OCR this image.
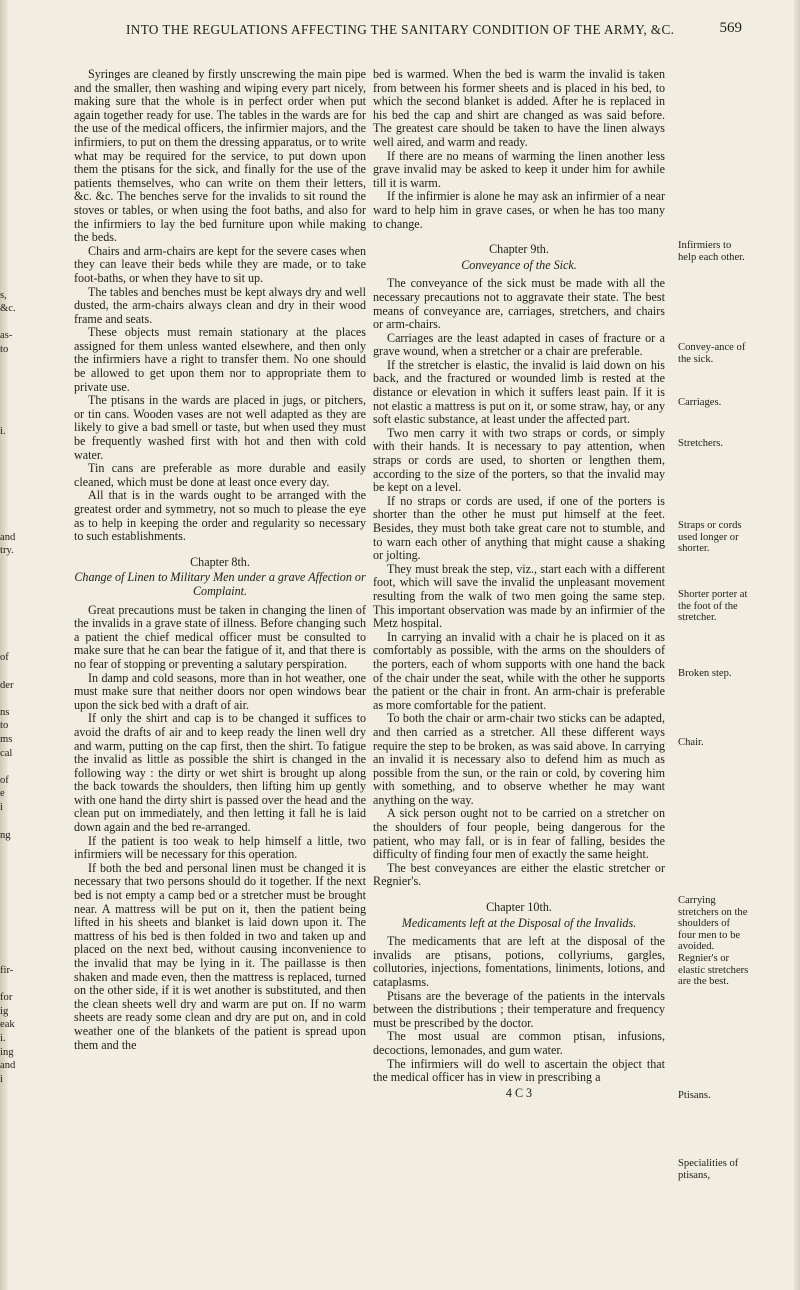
INTO THE REGULATIONS AFFECTING THE SANITARY CONDITION OF THE ARMY, &C.	569

Syringes are cleaned by firstly unscrewing the main pipe and the smaller, then washing and wiping every part nicely, making sure that the whole is in perfect order when put again together ready for use. The tables in the wards are for the use of the medical officers, the infirmier majors, and the infirmiers, to put on them the dressing apparatus, or to write what may be required for the service, to put down upon them the ptisans for the sick, and finally for the use of the patients themselves, who can write on them their letters, &c. &c. The benches serve for the invalids to sit round the stoves or tables, or when using the foot baths, and also for the infirmiers to lay the bed furniture upon while making the beds.

Chairs and arm-chairs are kept for the severe cases when they can leave their beds while they are made, or to take foot-baths, or when they have to sit up.

The tables and benches must be kept always dry and well dusted, the arm-chairs always clean and dry in their wood frame and seats.

These objects must remain stationary at the places assigned for them unless wanted elsewhere, and then only the infirmiers have a right to transfer them. No one should be allowed to get upon them nor to appropriate them to private use.

The ptisans in the wards are placed in jugs, or pitchers, or tin cans. Wooden vases are not well adapted as they are likely to give a bad smell or taste, but when used they must be frequently washed first with hot and then with cold water.

Tin cans are preferable as more durable and easily cleaned, which must be done at least once every day.

All that is in the wards ought to be arranged with the greatest order and symmetry, not so much to please the eye as to help in keeping the order and regularity so necessary to such establishments.

Chapter 8th.

Change of Linen to Military Men under a grave Affection or Complaint.

Great precautions must be taken in changing the linen of the invalids in a grave state of illness. Before changing such a patient the chief medical officer must be consulted to make sure that he can bear the fatigue of it, and that there is no fear of stopping or preventing a salutary perspiration.

In damp and cold seasons, more than in hot weather, one must make sure that neither doors nor open windows bear upon the sick bed with a draft of air.

If only the shirt and cap is to be changed it suffices to avoid the drafts of air and to keep ready the linen well dry and warm, putting on the cap first, then the shirt. To fatigue the invalid as little as possible the shirt is changed in the following way : the dirty or wet shirt is brought up along the back towards the shoulders, then lifting him up gently with one hand the dirty shirt is passed over the head and the clean put on immediately, and then letting it fall he is laid down again and the bed re-arranged.

If the patient is too weak to help himself a little, two infirmiers will be necessary for this operation.

If both the bed and personal linen must be changed it is necessary that two persons should do it together. If the next bed is not empty a camp bed or a stretcher must be brought near. A mattress will be put on it, then the patient being lifted in his sheets and blanket is laid down upon it. The mattress of his bed is then folded in two and taken up and placed on the next bed, without causing inconvenience to the invalid that may be lying in it. The paillasse is then shaken and made even, then the mattress is replaced, turned on the other side, if it is wet another is substituted, and then the clean sheets well dry and warm are put on. If no warm sheets are ready some clean and dry are put on, and in cold weather one of the blankets of the patient is spread upon them and the

s,
&c.
as-
to
i.
and
try.
of
der
ns
to
ms
cal
of
e
i
ng
fir-
for
ig
eak
i.
ing
and
i

bed is warmed. When the bed is warm the invalid is taken from between his former sheets and is placed in his bed, to which the second blanket is added. After he is replaced in his bed the cap and shirt are changed as was said before. The greatest care should be taken to have the linen always well aired, and warm and ready.

If there are no means of warming the linen another less grave invalid may be asked to keep it under him for awhile till it is warm.

If the infirmier is alone he may ask an infirmier of a near ward to help him in grave cases, or when he has too many to change.

Chapter 9th.

Conveyance of the Sick.

The conveyance of the sick must be made with all the necessary precautions not to aggravate their state. The best means of conveyance are, carriages, stretchers, and chairs or arm-chairs.

Carriages are the least adapted in cases of fracture or a grave wound, when a stretcher or a chair are preferable.

If the stretcher is elastic, the invalid is laid down on his back, and the fractured or wounded limb is rested at the distance or elevation in which it suffers least pain. If it is not elastic a mattress is put on it, or some straw, hay, or any soft elastic substance, at least under the affected part.

Two men carry it with two straps or cords, or simply with their hands. It is necessary to pay attention, when straps or cords are used, to shorten or lengthen them, according to the size of the porters, so that the invalid may be kept on a level.

If no straps or cords are used, if one of the porters is shorter than the other he must put himself at the feet. Besides, they must both take great care not to stumble, and to warn each other of anything that might cause a shaking or jolting.

They must break the step, viz., start each with a different foot, which will save the invalid the unpleasant movement resulting from the walk of two men going the same step. This important observation was made by an infirmier of the Metz hospital.

In carrying an invalid with a chair he is placed on it as comfortably as possible, with the arms on the shoulders of the porters, each of whom supports with one hand the back of the chair under the seat, while with the other he supports the patient or the chair in front. An arm-chair is preferable as more comfortable for the patient.

To both the chair or arm-chair two sticks can be adapted, and then carried as a stretcher. All these different ways require the step to be broken, as was said above. In carrying an invalid it is necessary also to defend him as much as possible from the sun, or the rain or cold, by covering him with something, and to observe whether he may want anything on the way.

A sick person ought not to be carried on a stretcher on the shoulders of four people, being dangerous for the patient, who may fall, or is in fear of falling, besides the difficulty of finding four men of exactly the same height.

The best conveyances are either the elastic stretcher or Regnier's.

Chapter 10th.

Medicaments left at the Disposal of the Invalids.

The medicaments that are left at the disposal of the invalids are ptisans, potions, collyriums, gargles, collutories, injections, fomentations, liniments, lotions, and cataplasms.

Ptisans are the beverage of the patients in the intervals between the distributions ; their temperature and frequency must be prescribed by the doctor.

The most usual are common ptisan, infusions, decoctions, lemonades, and gum water.

The infirmiers will do well to ascertain the object that the medical officer has in view in prescribing a

4 C 3

Infirmiers to help each other.
Convey-ance of the sick.
Carriages.
Stretchers.
Straps or cords used longer or shorter.
Shorter porter at the foot of the stretcher.
Broken step.
Chair.
Carrying stretchers on the shoulders of four men to be avoided. Regnier's or elastic stretchers are the best.
Ptisans.
Specialities of ptisans,
